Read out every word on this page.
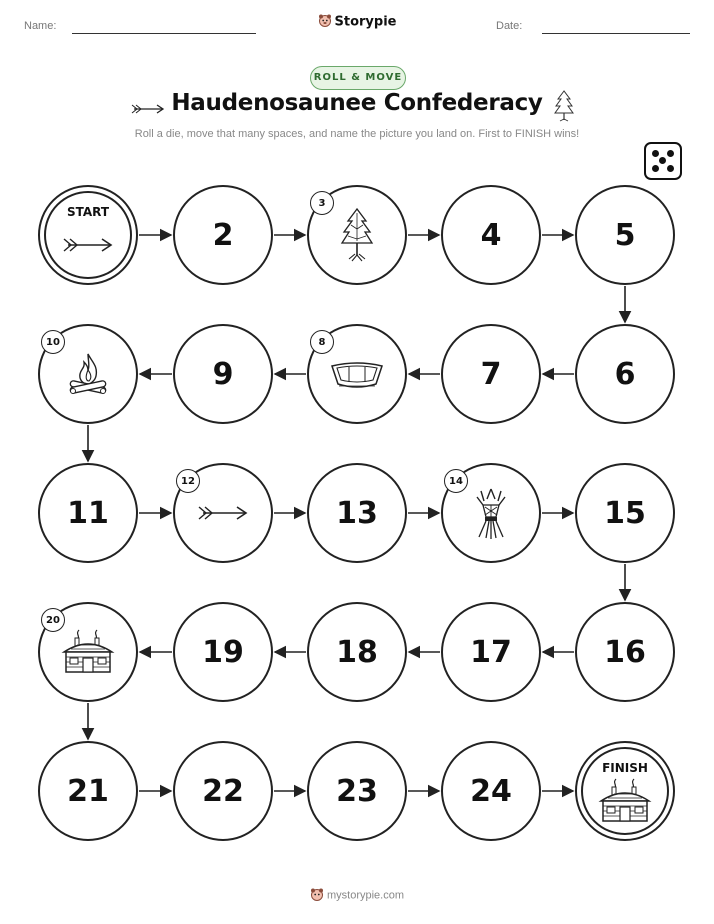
Name:	Storypie	Date:
ROLL & MOVE
Haudenosaunee Confederacy
Roll a die, move that many spaces, and name the picture you land on. First to FINISH wins!
START
2
3
4	5
6
7
8
9
10
11
12
13
14
15
16
17
18
19
20
21	22	23	24
FINISH
mystorypie.com
